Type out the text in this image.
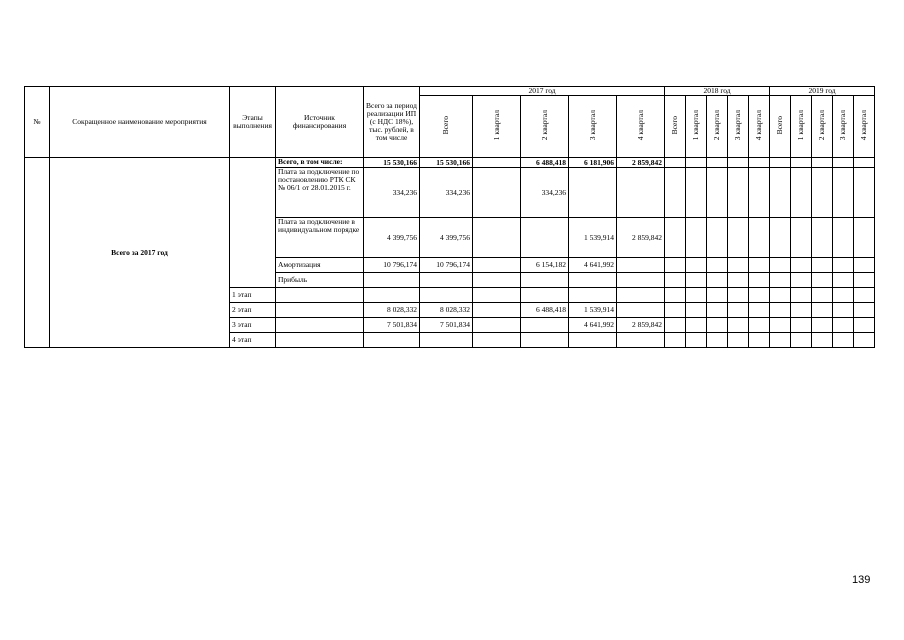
№	Сокращенное наименование мероприятия	Этапы выполнения	Источник финансирования	Всего за период реализации ИП (с НДС 18%), тыс. рублей, в том числе	2017 год					2018 год					2019 год				
					Всего	1 квартал	2 квартал	3 квартал	4 квартал	Всего	1 квартал	2 квартал	3 квартал	4 квартал	Всего	1 квартал	2 квартал	3 квартал	4 квартал
	Всего за 2017 год		Всего, в том числе:	15 530,166	15 530,166		6 488,418	6 181,906	2 859,842										
			Плата за подключение по постановлению РТК СК № 06/1 от 28.01.2015 г.	334,236	334,236		334,236												
			Плата за подключение в индивидуальном порядке	4 399,756	4 399,756			1 539,914	2 859,842										
			Амортизация	10 796,174	10 796,174		6 154,182	4 641,992											
			Прибыль																
		1 этап																	
		2 этап		8 028,332	8 028,332		6 488,418	1 539,914											
		3 этап		7 501,834	7 501,834			4 641,992	2 859,842										
		4 этап																	
139
